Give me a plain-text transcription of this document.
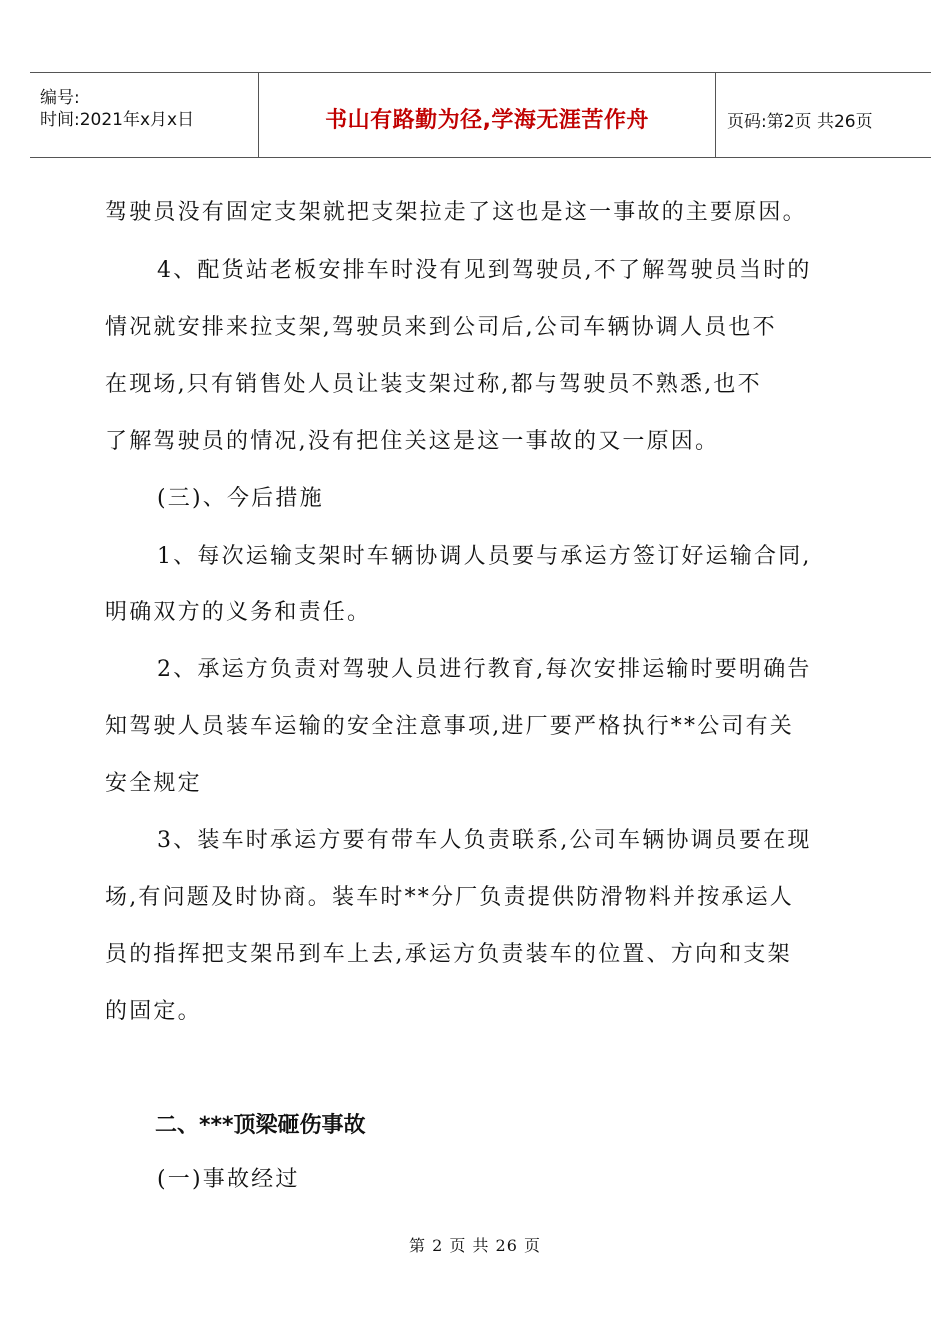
编号:
时间:2021年x月x日	书山有路勤为径,学海无涯苦作舟	页码:第2页 共26页
驾驶员没有固定支架就把支架拉走了这也是这一事故的主要原因。
4、配货站老板安排车时没有见到驾驶员,不了解驾驶员当时的
情况就安排来拉支架,驾驶员来到公司后,公司车辆协调人员也不
在现场,只有销售处人员让装支架过称,都与驾驶员不熟悉,也不
了解驾驶员的情况,没有把住关这是这一事故的又一原因。
(三)、今后措施
1、每次运输支架时车辆协调人员要与承运方签订好运输合同,
明确双方的义务和责任。
2、承运方负责对驾驶人员进行教育,每次安排运输时要明确告
知驾驶人员装车运输的安全注意事项,进厂要严格执行**公司有关
安全规定
3、装车时承运方要有带车人负责联系,公司车辆协调员要在现
场,有问题及时协商。装车时**分厂负责提供防滑物料并按承运人
员的指挥把支架吊到车上去,承运方负责装车的位置、方向和支架
的固定。
二、***顶梁砸伤事故
(一)事故经过
第 2 页 共 26 页
